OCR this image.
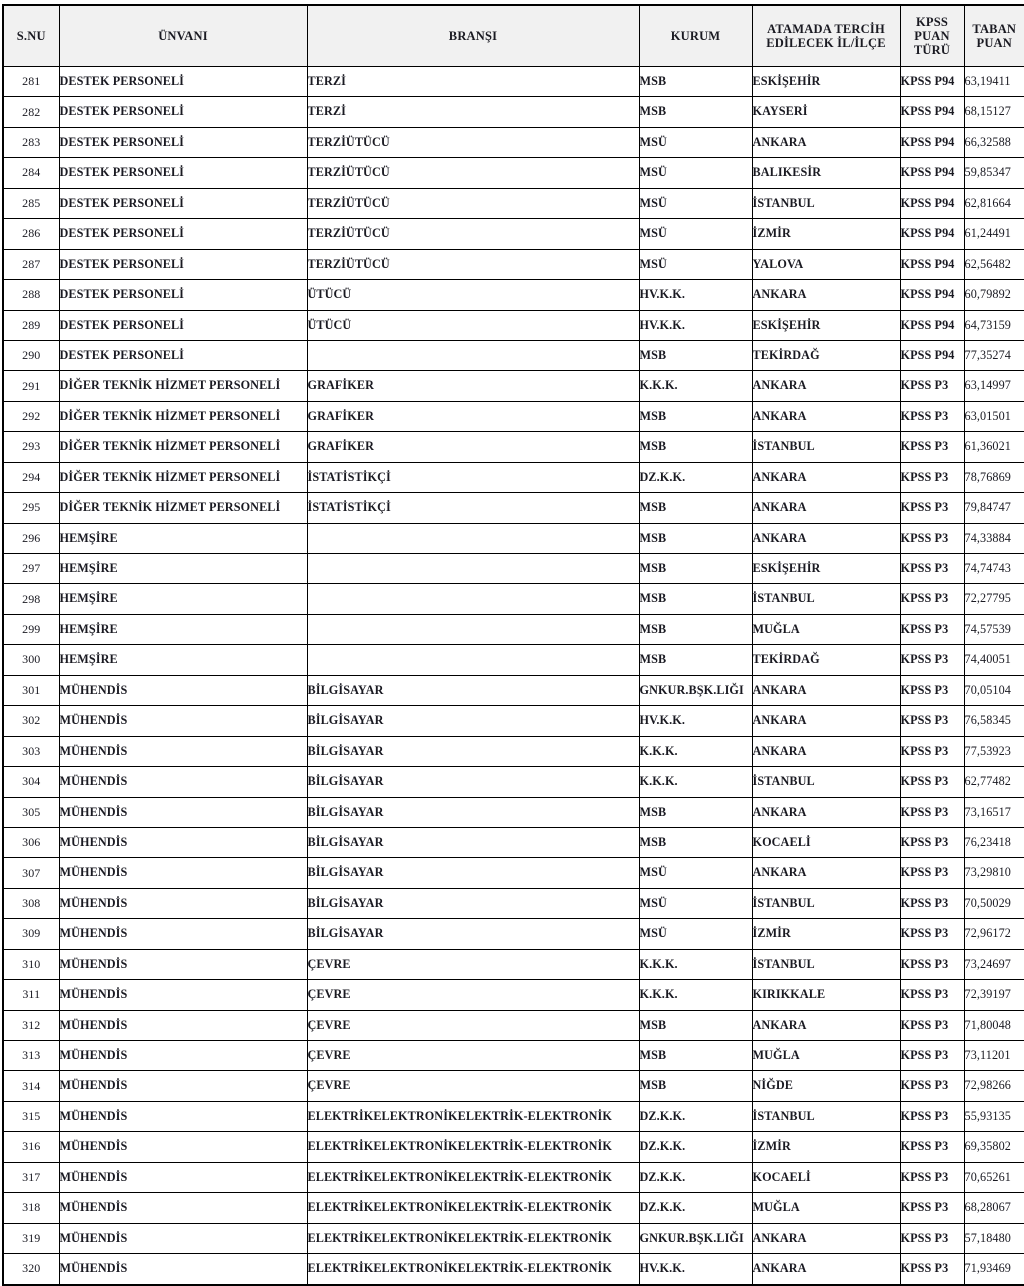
S.NU	ÜNVANI	BRANŞI	KURUM	ATAMADA TERCİH EDİLECEK İL/İLÇE	KPSS PUAN TÜRÜ	TABAN PUAN
281	DESTEK PERSONELİ	TERZİ	MSB	ESKİŞEHİR	KPSS P94	63,19411
282	DESTEK PERSONELİ	TERZİ	MSB	KAYSERİ	KPSS P94	68,15127
283	DESTEK PERSONELİ	TERZİÜTÜCÜ	MSÜ	ANKARA	KPSS P94	66,32588
284	DESTEK PERSONELİ	TERZİÜTÜCÜ	MSÜ	BALIKESİR	KPSS P94	59,85347
285	DESTEK PERSONELİ	TERZİÜTÜCÜ	MSÜ	İSTANBUL	KPSS P94	62,81664
286	DESTEK PERSONELİ	TERZİÜTÜCÜ	MSÜ	İZMİR	KPSS P94	61,24491
287	DESTEK PERSONELİ	TERZİÜTÜCÜ	MSÜ	YALOVA	KPSS P94	62,56482
288	DESTEK PERSONELİ	ÜTÜCÜ	HV.K.K.	ANKARA	KPSS P94	60,79892
289	DESTEK PERSONELİ	ÜTÜCÜ	HV.K.K.	ESKİŞEHİR	KPSS P94	64,73159
290	DESTEK PERSONELİ		MSB	TEKİRDAĞ	KPSS P94	77,35274
291	DİĞER TEKNİK HİZMET PERSONELİ	GRAFİKER	K.K.K.	ANKARA	KPSS P3	63,14997
292	DİĞER TEKNİK HİZMET PERSONELİ	GRAFİKER	MSB	ANKARA	KPSS P3	63,01501
293	DİĞER TEKNİK HİZMET PERSONELİ	GRAFİKER	MSB	İSTANBUL	KPSS P3	61,36021
294	DİĞER TEKNİK HİZMET PERSONELİ	İSTATİSTİKÇİ	DZ.K.K.	ANKARA	KPSS P3	78,76869
295	DİĞER TEKNİK HİZMET PERSONELİ	İSTATİSTİKÇİ	MSB	ANKARA	KPSS P3	79,84747
296	HEMŞİRE		MSB	ANKARA	KPSS P3	74,33884
297	HEMŞİRE		MSB	ESKİŞEHİR	KPSS P3	74,74743
298	HEMŞİRE		MSB	İSTANBUL	KPSS P3	72,27795
299	HEMŞİRE		MSB	MUĞLA	KPSS P3	74,57539
300	HEMŞİRE		MSB	TEKİRDAĞ	KPSS P3	74,40051
301	MÜHENDİS	BİLGİSAYAR	GNKUR.BŞK.LIĞI	ANKARA	KPSS P3	70,05104
302	MÜHENDİS	BİLGİSAYAR	HV.K.K.	ANKARA	KPSS P3	76,58345
303	MÜHENDİS	BİLGİSAYAR	K.K.K.	ANKARA	KPSS P3	77,53923
304	MÜHENDİS	BİLGİSAYAR	K.K.K.	İSTANBUL	KPSS P3	62,77482
305	MÜHENDİS	BİLGİSAYAR	MSB	ANKARA	KPSS P3	73,16517
306	MÜHENDİS	BİLGİSAYAR	MSB	KOCAELİ	KPSS P3	76,23418
307	MÜHENDİS	BİLGİSAYAR	MSÜ	ANKARA	KPSS P3	73,29810
308	MÜHENDİS	BİLGİSAYAR	MSÜ	İSTANBUL	KPSS P3	70,50029
309	MÜHENDİS	BİLGİSAYAR	MSÜ	İZMİR	KPSS P3	72,96172
310	MÜHENDİS	ÇEVRE	K.K.K.	İSTANBUL	KPSS P3	73,24697
311	MÜHENDİS	ÇEVRE	K.K.K.	KIRIKKALE	KPSS P3	72,39197
312	MÜHENDİS	ÇEVRE	MSB	ANKARA	KPSS P3	71,80048
313	MÜHENDİS	ÇEVRE	MSB	MUĞLA	KPSS P3	73,11201
314	MÜHENDİS	ÇEVRE	MSB	NİĞDE	KPSS P3	72,98266
315	MÜHENDİS	ELEKTRİKELEKTRONİKELEKTRİK-ELEKTRONİK	DZ.K.K.	İSTANBUL	KPSS P3	55,93135
316	MÜHENDİS	ELEKTRİKELEKTRONİKELEKTRİK-ELEKTRONİK	DZ.K.K.	İZMİR	KPSS P3	69,35802
317	MÜHENDİS	ELEKTRİKELEKTRONİKELEKTRİK-ELEKTRONİK	DZ.K.K.	KOCAELİ	KPSS P3	70,65261
318	MÜHENDİS	ELEKTRİKELEKTRONİKELEKTRİK-ELEKTRONİK	DZ.K.K.	MUĞLA	KPSS P3	68,28067
319	MÜHENDİS	ELEKTRİKELEKTRONİKELEKTRİK-ELEKTRONİK	GNKUR.BŞK.LIĞI	ANKARA	KPSS P3	57,18480
320	MÜHENDİS	ELEKTRİKELEKTRONİKELEKTRİK-ELEKTRONİK	HV.K.K.	ANKARA	KPSS P3	71,93469
